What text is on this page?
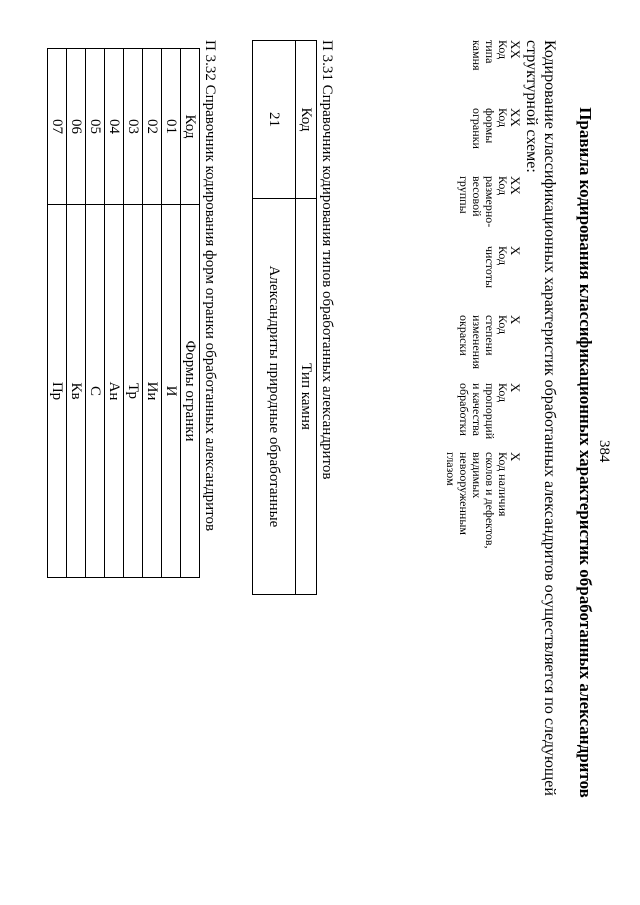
384
Правила кодирования классификационных характеристик обработанных александритов
Кодирование классификационных характеристик обработанных александритов осуществляется по следующей структурной схеме:
XX
Код типа камня
XX
Код формы огранки
XX
Код размерно-весовой группы
X
Код чистоты
X
Код степени изменения окраски
X
Код пропорций и качества обработки
X
Код наличия сколов и дефектов, видимых невооруженным глазом
П 3.31 Справочник кодирования типов обработанных александритов
Код	Тип камня
21	Александриты природные обработанные
П 3.32 Справочник кодирования форм огранки обработанных александритов
Код	Формы огранки
01	И
02	Ии
03	Тр
04	Ан
05	С
06	Кв
07	Пр
